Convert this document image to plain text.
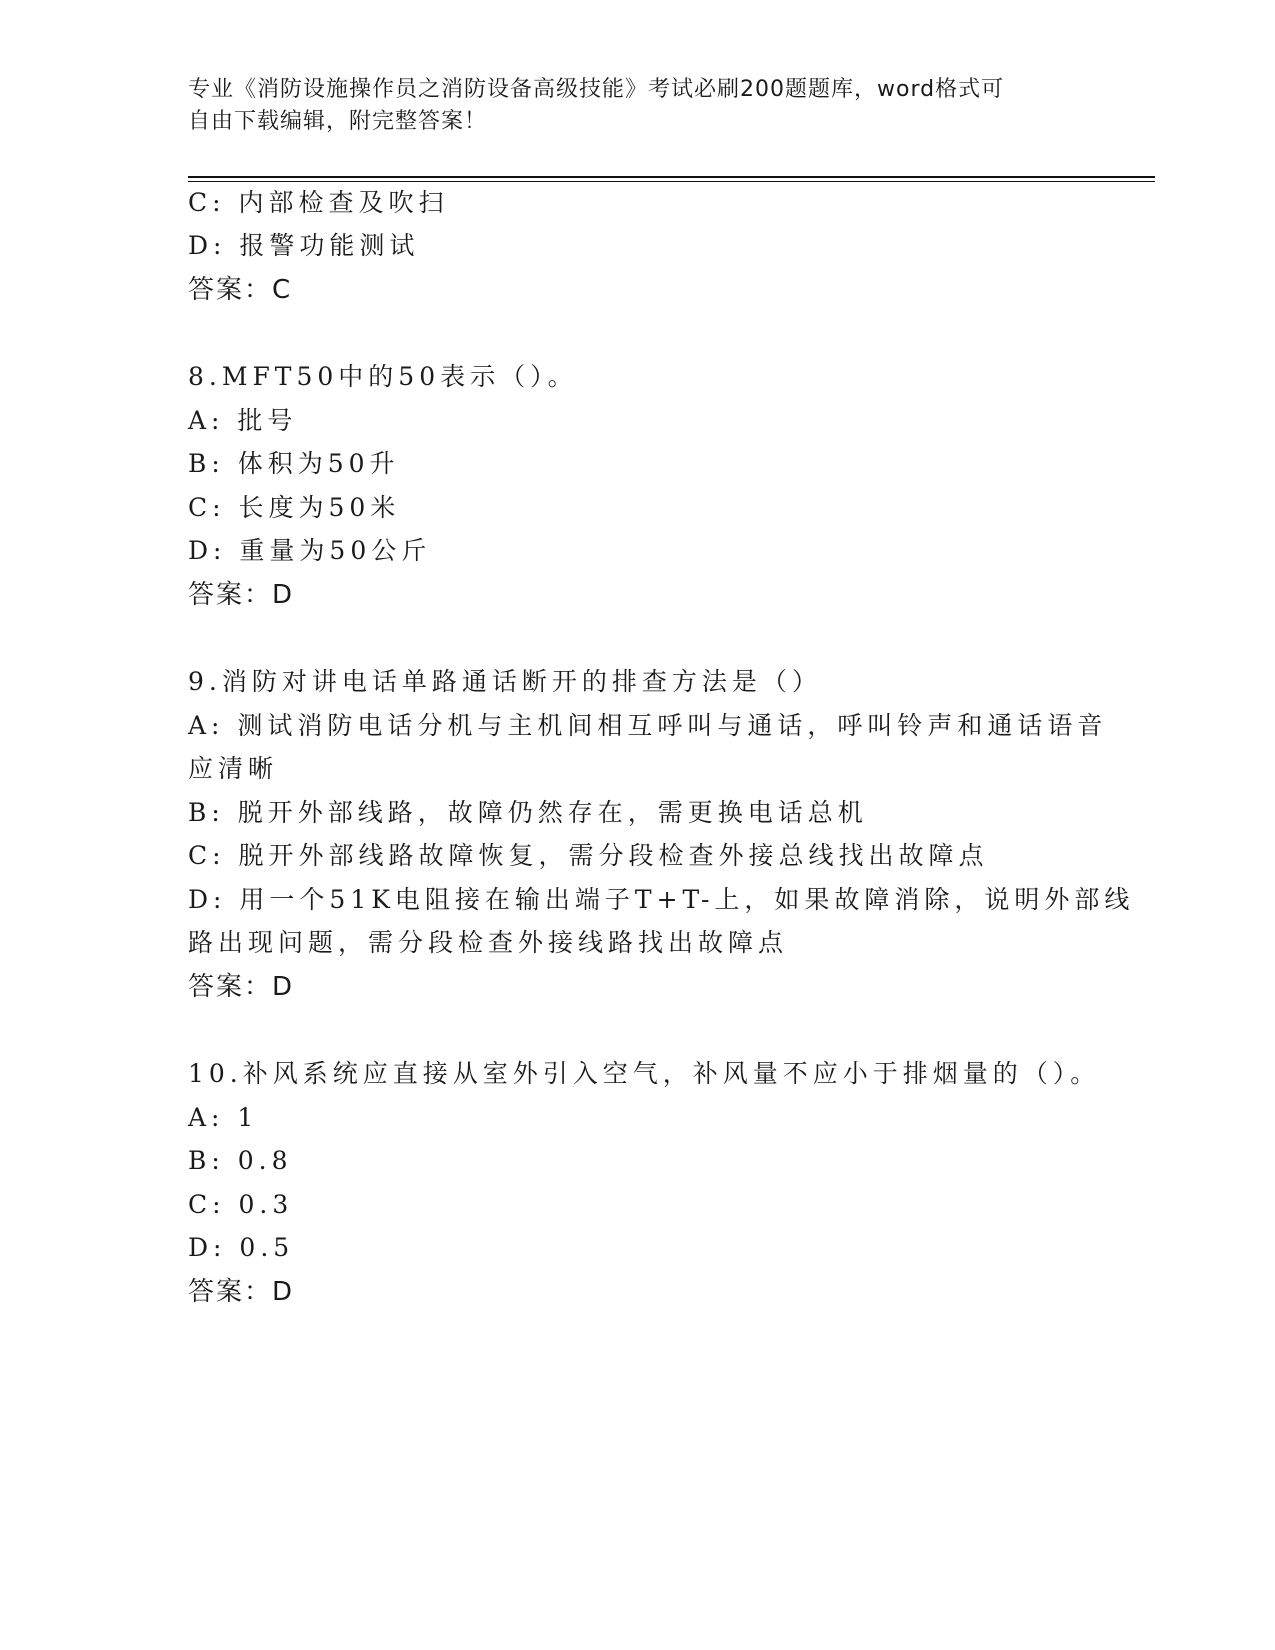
专业《消防设施操作员之消防设备高级技能》考试必刷200题题库，word格式可
自由下载编辑，附完整答案！
C: 内部检查及吹扫
D: 报警功能测试
答案：C
8.MFT50中的50表示（）。
A: 批号
B: 体积为50升
C: 长度为50米
D: 重量为50公斤
答案：D
9.消防对讲电话单路通话断开的排查方法是（）
A: 测试消防电话分机与主机间相互呼叫与通话，呼叫铃声和通话语音
应清晰
B: 脱开外部线路，故障仍然存在，需更换电话总机
C: 脱开外部线路故障恢复，需分段检查外接总线找出故障点
D: 用一个51K电阻接在输出端子T+T-上，如果故障消除，说明外部线
路出现问题，需分段检查外接线路找出故障点
答案：D
10.补风系统应直接从室外引入空气，补风量不应小于排烟量的（）。
A: 1
B: 0.8
C: 0.3
D: 0.5
答案：D
